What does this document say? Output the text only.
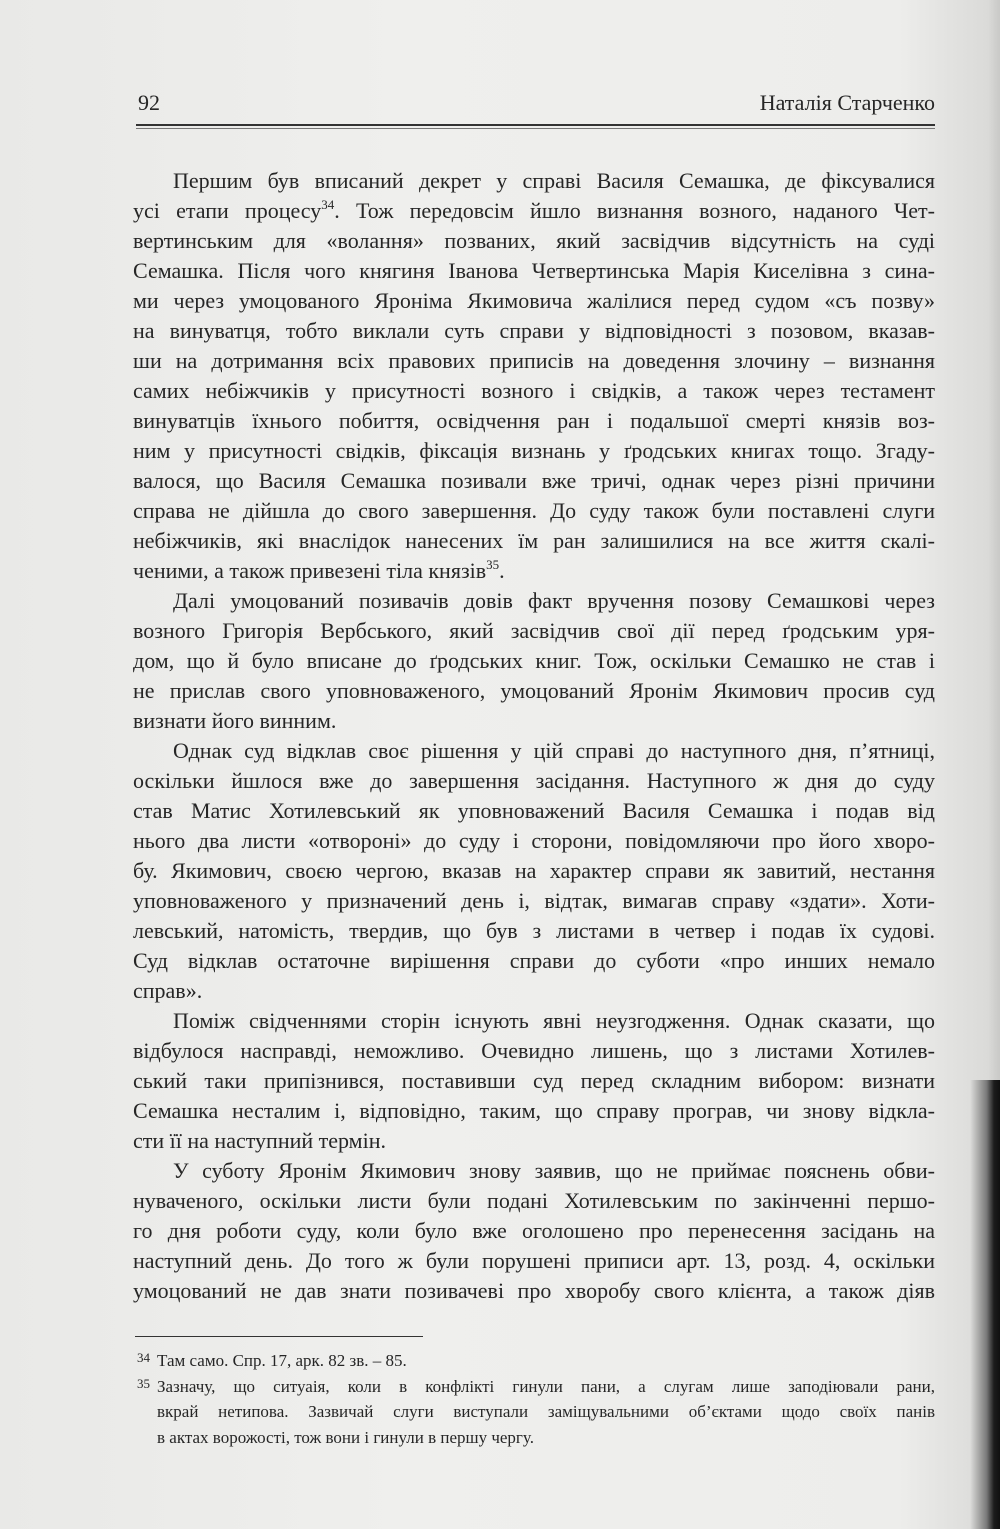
92	Наталія Старченко
Першим був вписаний декрет у справі Василя Семашка, де фіксувалися
усі етапи процесу$^{34}$. Тож передовсім йшло визнання возного, наданого Чет-
вертинським для «волання» позваних, який засвідчив відсутність на суді
Семашка. Після чого княгиня Іванова Четвертинська Марія Киселівна з сина-
ми через умоцованого Яроніма Якимовича жалілися перед судом «съ позву»
на винуватця, тобто виклали суть справи у відповідності з позовом, вказав-
ши на дотримання всіх правових приписів на доведення злочину – визнання
самих небіжчиків у присутності возного і свідків, а також через тестамент
винуватців їхнього побиття, освідчення ран і подальшої смерті князів воз-
ним у присутності свідків, фіксація визнань у ґродських книгах тощо. Згаду-
валося, що Василя Семашка позивали вже тричі, однак через різні причини
справа не дійшла до свого завершення. До суду також були поставлені слуги
небіжчиків, які внаслідок нанесених їм ран залишилися на все життя скалі-
ченими, а також привезені тіла князів$^{35}$.
Далі умоцований позивачів довів факт вручення позову Семашкові через
возного Григорія Вербського, який засвідчив свої дії перед ґродським уря-
дом, що й було вписане до ґродських книг. Тож, оскільки Семашко не став і
не прислав свого уповноваженого, умоцований Яронім Якимович просив суд
визнати його винним.
Однак суд відклав своє рішення у цій справі до наступного дня, п’ятниці,
оскільки йшлося вже до завершення засідання. Наступного ж дня до суду
став Матис Хотилевський як уповноважений Василя Семашка і подав від
нього два листи «отвороні» до суду і сторони, повідомляючи про його хворо-
бу. Якимович, своєю чергою, вказав на характер справи як завитий, нестання
уповноваженого у призначений день і, відтак, вимагав справу «здати». Хоти-
левський, натомість, твердив, що був з листами в четвер і подав їх судові.
Суд відклав остаточне вирішення справи до суботи «про инших немало
справ».
Поміж свідченнями сторін існують явні неузгодження. Однак сказати, що
відбулося насправді, неможливо. Очевидно лишень, що з листами Хотилев-
ський таки припізнився, поставивши суд перед складним вибором: визнати
Семашка несталим і, відповідно, таким, що справу програв, чи знову відкла-
сти її на наступний термін.
У суботу Яронім Якимович знову заявив, що не приймає пояснень обви-
нуваченого, оскільки листи були подані Хотилевським по закінченні першо-
го дня роботи суду, коли було вже оголошено про перенесення засідань на
наступний день. До того ж були порушені приписи арт. 13, розд. 4, оскільки
умоцований не дав знати позивачеві про хворобу свого клієнта, а також діяв
34 Там само. Спр. 17, арк. 82 зв. – 85.
35 Зазначу, що ситуаія, коли в конфлікті гинули пани, а слугам лише заподіювали рани,
вкрай нетипова. Зазвичай слуги виступали заміщувальними об’єктами щодо своїх панів
в актах ворожості, тож вони і гинули в першу чергу.
